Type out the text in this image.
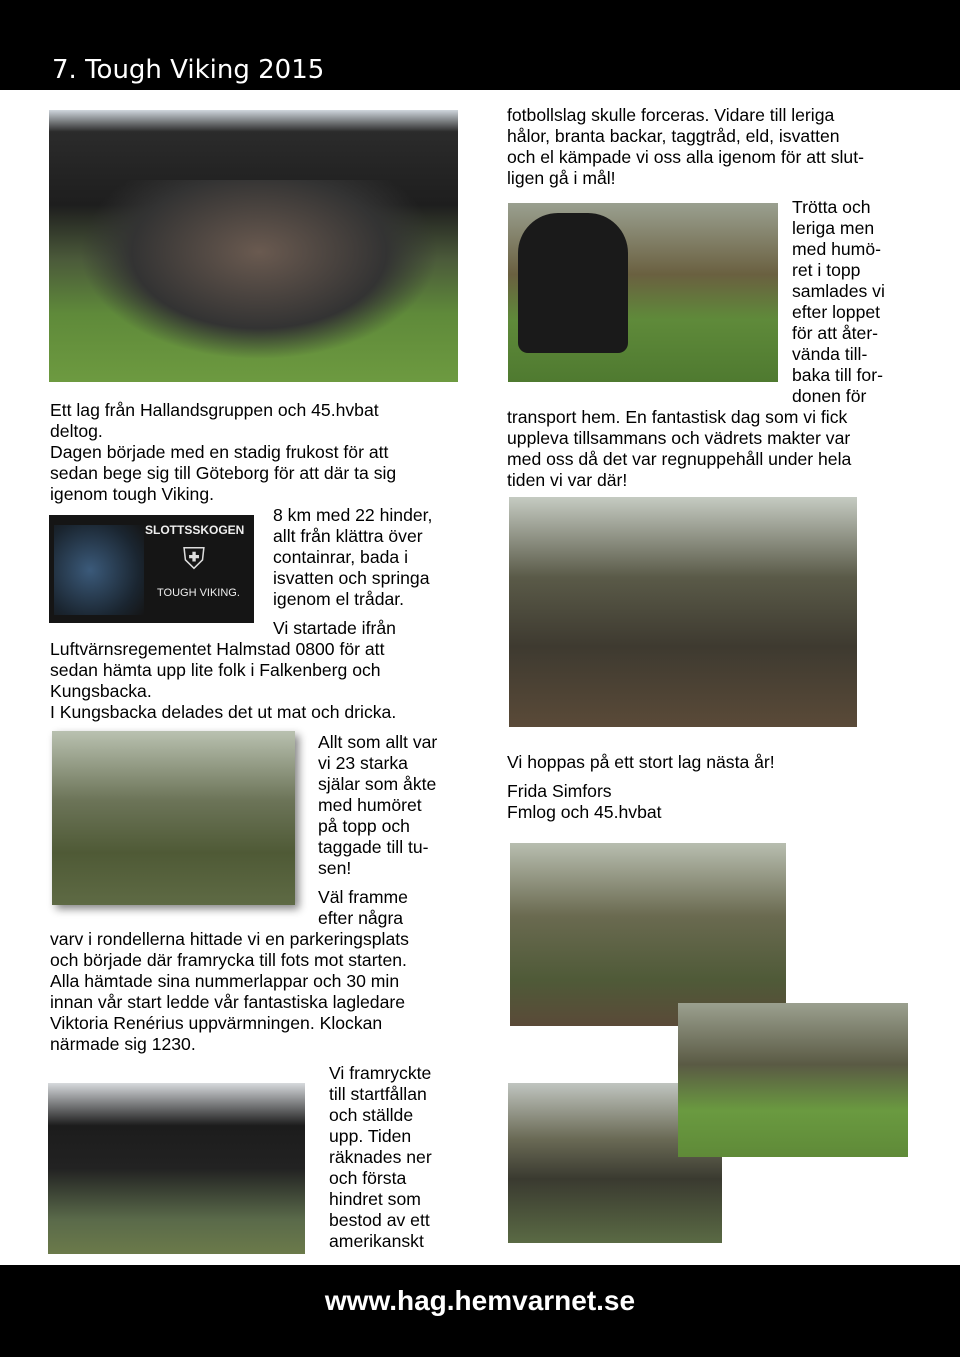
7. Tough Viking 2015
SLOTTSSKOGEN
⛨
TOUGH VIKING.
Ett lag från Hallandsgruppen och 45.hvbat
deltog.
Dagen började med en stadig frukost för att
sedan bege sig till Göteborg för att där ta sig
igenom tough Viking.
8 km med 22 hinder,
allt från klättra över
containrar, bada i
isvatten och springa
igenom el trådar.
Vi startade ifrån
Luftvärnsregementet Halmstad 0800 för att
sedan hämta upp lite folk i Falkenberg och
Kungsbacka.
I Kungsbacka delades det ut mat och dricka.
Allt som allt var
vi 23 starka
själar som åkte
med humöret
på topp och
taggade till tu-
sen!
Väl framme
efter några
varv i rondellerna hittade vi en parkeringsplats
och började där framrycka till fots mot starten.
Alla hämtade sina nummerlappar och 30 min
innan vår start ledde vår fantastiska lagledare
Viktoria Renérius uppvärmningen. Klockan
närmade sig 1230.
Vi framryckte
till startfållan
och ställde
upp. Tiden
räknades ner
och första
hindret som
bestod av ett
amerikanskt
fotbollslag skulle forceras. Vidare till leriga
hålor, branta backar, taggtråd, eld, isvatten
och el kämpade vi oss alla igenom för att slut-
ligen gå i mål!
Trötta och
leriga men
med humö-
ret i topp
samlades vi
efter loppet
för att åter-
vända till-
baka till for-
donen för
transport hem. En fantastisk dag som vi fick
uppleva tillsammans och vädrets makter var
med oss då det var regnuppehåll under hela
tiden vi var där!
Vi hoppas på ett stort lag nästa år!
Frida Simfors
Fmlog och 45.hvbat
www.hag.hemvarnet.se
